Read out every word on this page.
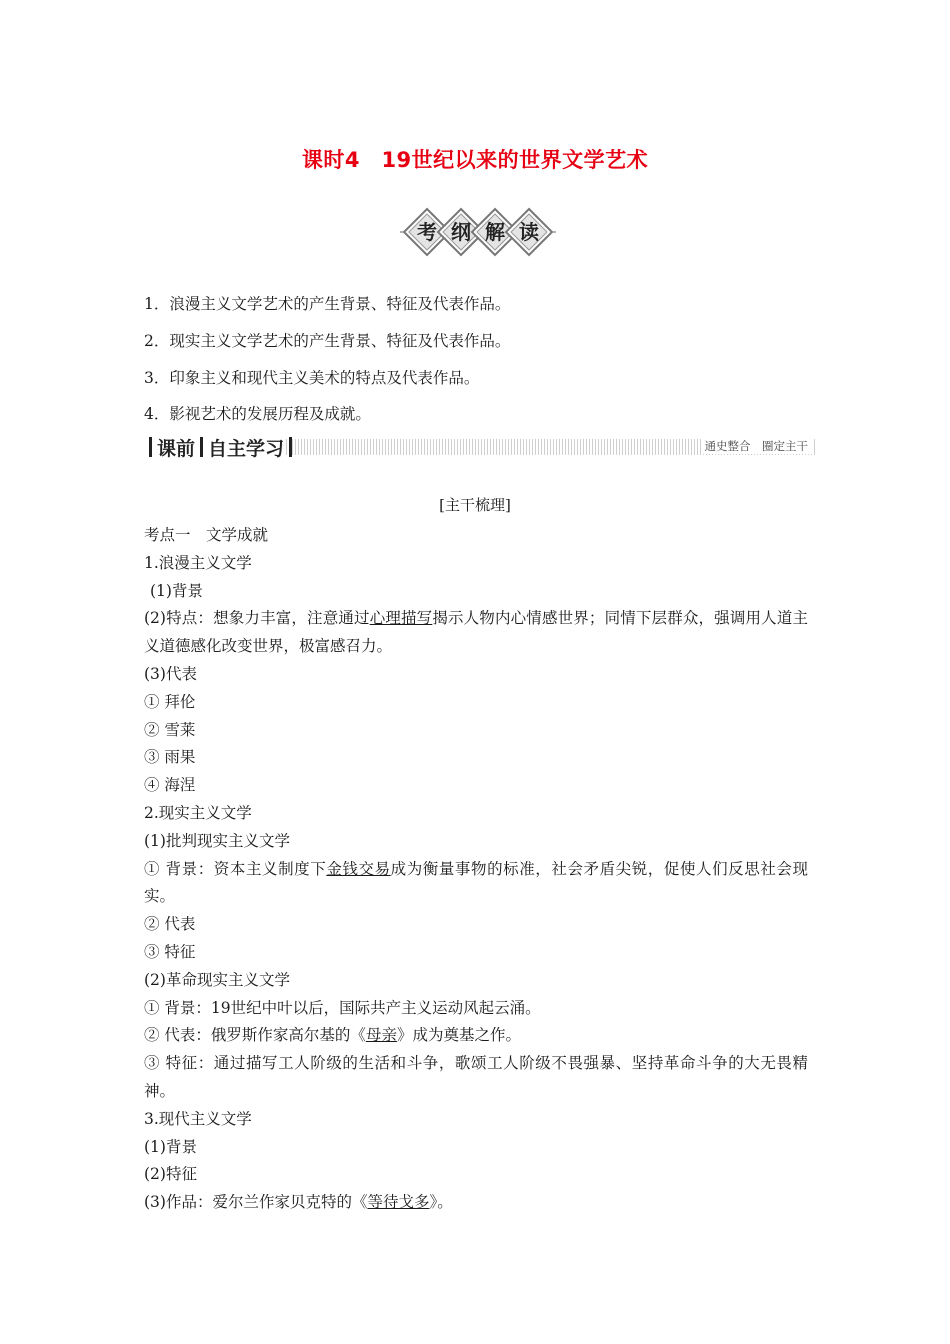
课时4　19世纪以来的世界文学艺术
考 纲 解 读
1．浪漫主义文学艺术的产生背景、特征及代表作品。
2．现实主义文学艺术的产生背景、特征及代表作品。
3．印象主义和现代主义美术的特点及代表作品。
4．影视艺术的发展历程及成就。
课前 自主学习	通史整合　圈定主干
[主干梳理]
考点一　文学成就
1.浪漫主义文学
(1)背景
(2)特点：想象力丰富，注意通过心理描写揭示人物内心情感世界；同情下层群众，强调用人道主义道德感化改变世界，极富感召力。
(3)代表
① 拜伦
② 雪莱
③ 雨果
④ 海涅
2.现实主义文学
(1)批判现实主义文学
① 背景：资本主义制度下金钱交易成为衡量事物的标准，社会矛盾尖锐，促使人们反思社会现实。
② 代表
③ 特征
(2)革命现实主义文学
① 背景：19世纪中叶以后，国际共产主义运动风起云涌。
② 代表：俄罗斯作家高尔基的《母亲》成为奠基之作。
③ 特征：通过描写工人阶级的生活和斗争，歌颂工人阶级不畏强暴、坚持革命斗争的大无畏精神。
3.现代主义文学
(1)背景
(2)特征
(3)作品：爱尔兰作家贝克特的《等待戈多》。
